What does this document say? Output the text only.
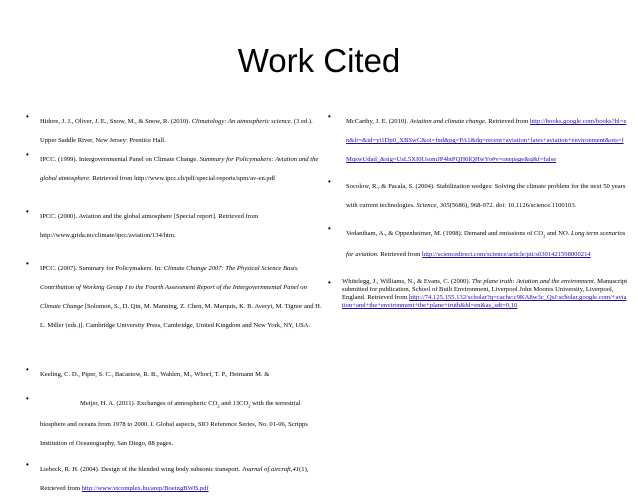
Work Cited
•
Hidore, J. J., Oliver, J. E., Snow, M., & Snow, R. (2010). Climatology: An atmospheric science. (3 ed.). Upper Saddle River, New Jersey: Prentice Hall.
•
IPCC. (1999). Intergovernmental Panel on Climate Change. Summary for Policymakers: Aviation and the global atmosphere. Retrieved from http://www.ipcc.ch/pdf/special-reports/spm/av-en.pdf
•
IPCC. (2000). Aviation and the global atmosphere [Special report]. Retrieved from http://www.grida.no/climate/ipcc/aviation/134/htm.
•
IPCC. (2007). Summary for Policymakers. In: Climate Change 2007: The Physical Science Basis. Contribution of Working Group I to the Fourth Assessment Report of the Intergovernmental Panel on Climate Change [Solomon, S., D. Qin, M. Manning, Z. Chen, M. Marquis, K. B. Averyt, M. Tignor and H. L. Miller (eds.)]. Cambridge University Press, Cambridge, United Kingdom and New York, NY, USA.
•
Keeling, C. D., Piper, S. C., Bacastow, R. B., Wahlen, M., Whorf, T. P., Heimann M. &
•
Meijer, H. A. (2011). Exchanges of atmospheric $CO_2$ and $13CO_2$ with the terrestrial biosphere and oceans from 1978 to 2000. I. Global aspects, SIO Reference Series, No. 01-06, Scripps Institution of Oceanography, San Diego, 88 pages.
•
Liebeck, R. H. (2004). Design of the blended wing body subsonic transport. Journal of aircraft,41(1), Retrieved from http://www.vtcomplex.hu/arep/BoeingBWB.pdf
•
McCarthy, J. E. (2010). Aviation and climate change. Retrieved from http://books.google.com/books?hl=en&lr=&id=yi1Dp0_XBSwC&oi=fnd&pg=PA1&dq=recent+aviation+laws+aviation+environment&ots=fMqswUdad_&sig=UsL5XI0UsomJP4btPQH0lQHwYo#v=onepage&q&f=false
•
Socolow, R., & Pacala, S. (2004). Stabilization wedges: Solving the climate problem for the next 50 years with current technologies. Science, 305(5686), 968-972. doi: 10.1126/science.1100103.
•
Vedantham, A., & Oppenheimer, M. (1998). Demand and emissions of $CO_2$ and NO. Long term scenarios for aviation. Retrieved from http://sciencedirect.com/science/article/pii/s0301421598000214
• Whitelegg, J., Williams, N., & Evans, C. (2000). The plane truth: Aviation and the environment. Manuscript submitted for publication, School of Built Environment, Liverpool John Moores University, Liverpool, England. Retrieved from http://74.125.155.132/scholar?q=cache:c9KA8w3c_QsJ:scholar.google.com/+aviation+and+the+environment+the+plane+truth&hl=en&as_sdt=0,10
